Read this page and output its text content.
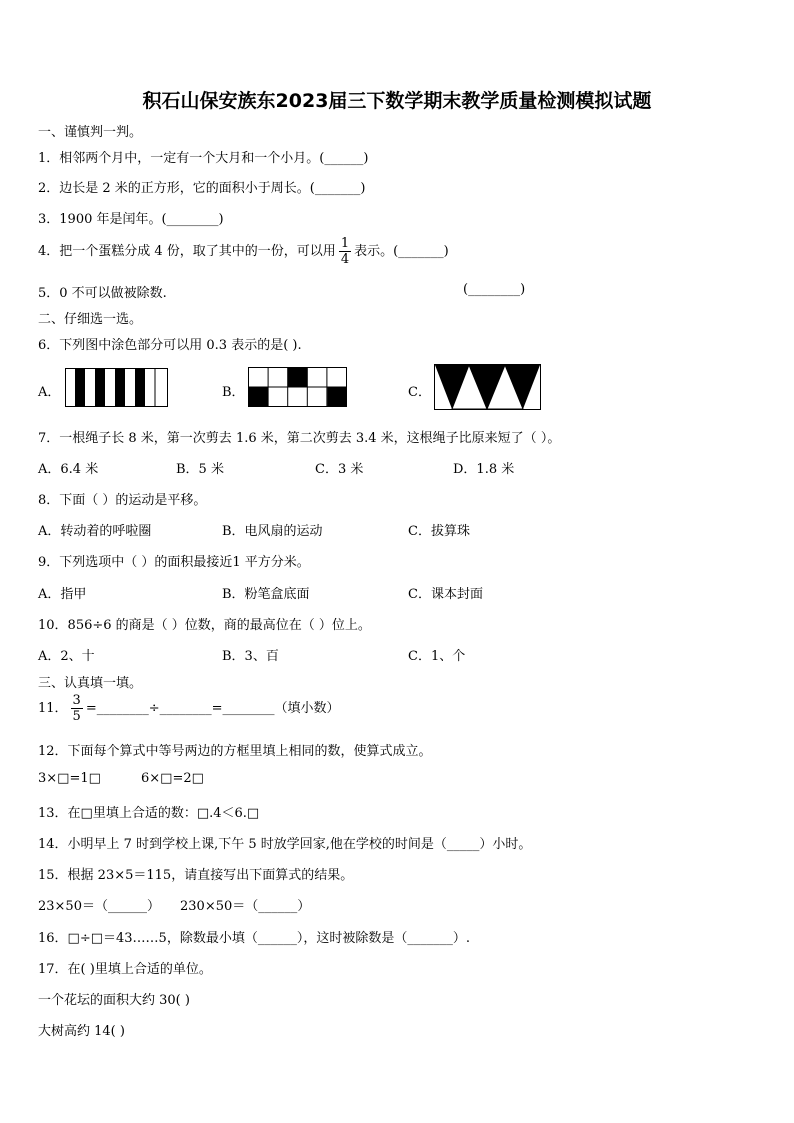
积石山保安族东2023届三下数学期末教学质量检测模拟试题
一、谨慎判一判。
1．相邻两个月中，一定有一个大月和一个小月。(______)
2．边长是 2 米的正方形，它的面积小于周长。(_______)
3．1900 年是闰年。(________)
4．把一个蛋糕分成 4 份，取了其中的一份，可以用 $\frac{1}{4}$ 表示。(_______)
5．0 不可以做被除数.	(________)
二、仔细选一选。
6．下列图中涂色部分可以用 0.3 表示的是( ).
A．	B．	C．
7．一根绳子长 8 米，第一次剪去 1.6 米，第二次剪去 3.4 米，这根绳子比原来短了（ ）。
A．6.4 米	B．5 米	C．3 米	D．1.8 米
8．下面（ ）的运动是平移。
A．转动着的呼啦圈	B．电风扇的运动	C．拔算珠
9．下列选项中（ ）的面积最接近1 平方分米。
A．指甲	B．粉笔盒底面	C．课本封面
10．856÷6 的商是（ ）位数，商的最高位在（ ）位上。
A．2、十	B．3、百	C．1、个
三、认真填一填。
11． $\frac{3}{5}$ =________÷________=________（填小数）
12．下面每个算式中等号两边的方框里填上相同的数，使算式成立。
3×□=1□	6×□=2□
13．在□里填上合适的数：□.4＜6.□
14．小明早上 7 时到学校上课,下午 5 时放学回家,他在学校的时间是（_____）小时。
15．根据 23×5＝115，请直接写出下面算式的结果。
23×50＝（______） 230×50＝（______）
16．□÷□＝43……5，除数最小填（______），这时被除数是（_______）.
17．在( )里填上合适的单位。
一个花坛的面积大约 30( )
大树高约 14( )
